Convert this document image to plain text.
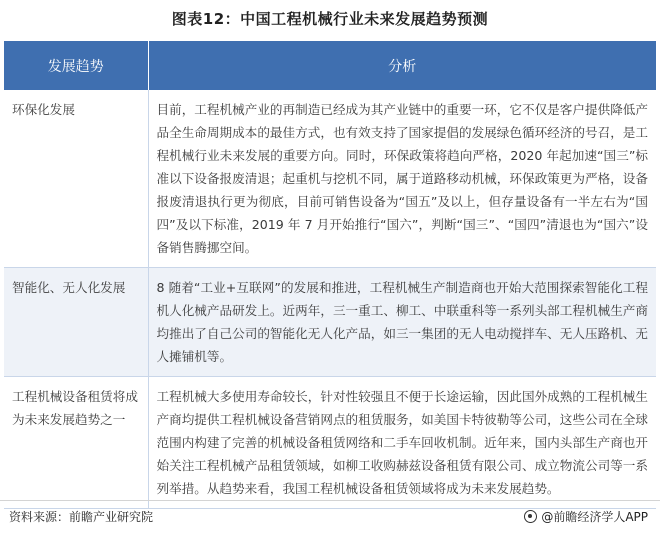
图表12：中国工程机械行业未来发展趋势预测
发展趋势	分析
环保化发展	目前，工程机械产业的再制造已经成为其产业链中的重要一环，它不仅是客户提供降低产品全生命周期成本的最佳方式，也有效支持了国家提倡的发展绿色循环经济的号召，是工程机械行业未来发展的重要方向。同时，环保政策将趋向严格，2020 年起加速“国三”标准以下设备报废清退；起重机与挖机不同，属于道路移动机械，环保政策更为严格，设备报废清退执行更为彻底，目前可销售设备为“国五”及以上，但存量设备有一半左右为“国四”及以下标准，2019 年 7 月开始推行“国六”，判断“国三”、“国四”清退也为“国六”设备销售腾挪空间。
智能化、无人化发展	8 随着“工业+互联网”的发展和推进，工程机械生产制造商也开始大范围探索智能化工程机人化械产品研发上。近两年，三一重工、柳工、中联重科等一系列头部工程机械生产商均推出了自己公司的智能化无人化产品，如三一集团的无人电动搅拌车、无人压路机、无人摊铺机等。
工程机械设备租赁将成为未来发展趋势之一	工程机械大多使用寿命较长，针对性较强且不便于长途运输，因此国外成熟的工程机械生产商均提供工程机械设备营销网点的租赁服务，如美国卡特彼勒等公司，这些公司在全球范围内构建了完善的机械设备租赁网络和二手车回收机制。近年来，国内头部生产商也开始关注工程机械产品租赁领域，如柳工收购赫兹设备租赁有限公司、成立物流公司等一系列举措。从趋势来看，我国工程机械设备租赁领域将成为未来发展趋势。
资料来源：前瞻产业研究院	@前瞻经济学人APP
